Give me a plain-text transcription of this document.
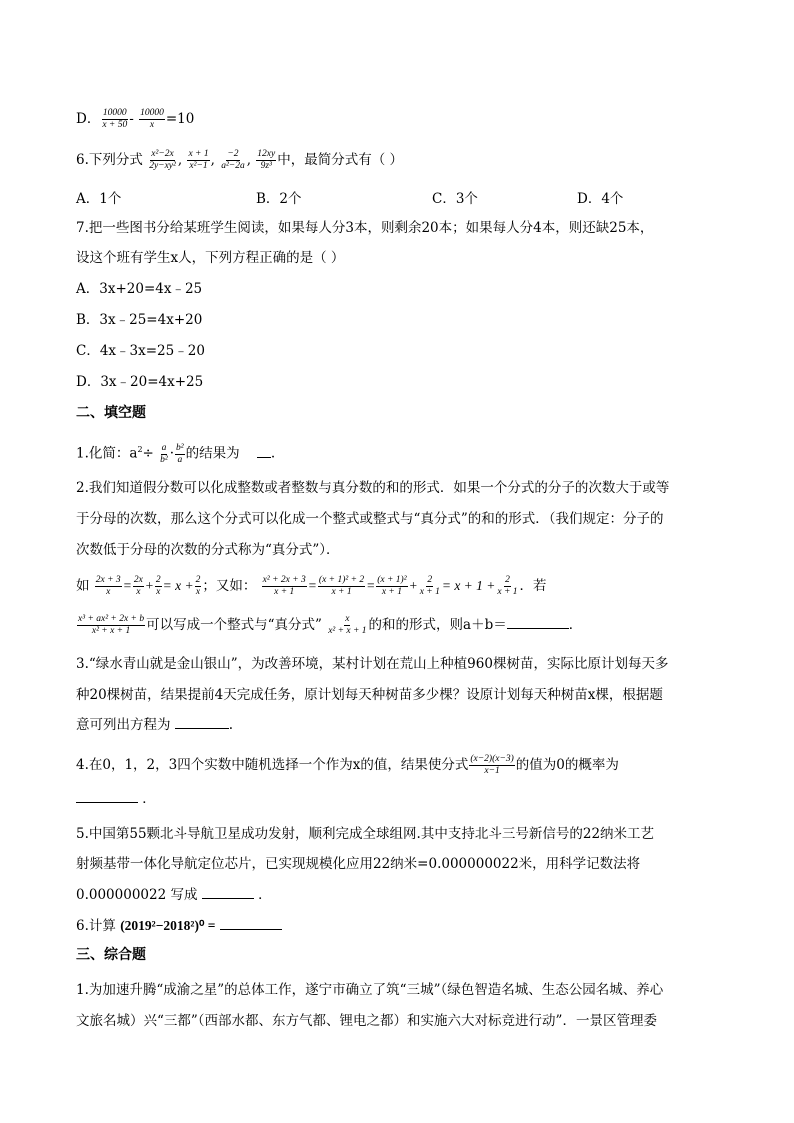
D． $\frac{10000}{x + 50} - \frac{10000}{x} =10$
6.下列分式 $\frac{\text{x²−2x}}{\text{2y−xy²}}$ , $\frac{x + 1}{\text{x²−1}}$ , $\frac{-2}{\text{a²−2a}}$ , $\frac{12xy}{\text{9z³}}$ 中，最简分式有（ ）
A．1个	B．2个	C．3个	D．4个
7.把一些图书分给某班学生阅读，如果每人分3本，则剩余20本；如果每人分4本，则还缺25本，
设这个班有学生x人，下列方程正确的是（ ）
A．3x+20=4x﹣25
B．3x﹣25=4x+20
C．4x﹣3x=25﹣20
D．3x﹣20=4x+25
二、填空题
1.化简：$a^2\div \frac{a}{\text{b²}} \cdot \frac{\text{b²}}{a}$ 的结果为 .
2.我们知道假分数可以化成整数或者整数与真分数的和的形式．如果一个分式的分子的次数大于或等
于分母的次数，那么这个分式可以化成一个整式或整式与“真分式”的和的形式．（我们规定：分子的
次数低于分母的次数的分式称为“真分式”）．
如 $\frac{2x + 3}{x} = \frac{2x}{x} + \frac{2}{x} = x + \frac{2}{x}$ ；又如： $\frac{\text{x² + 2x + 3}}{x + 1} = \frac{\text{(x + 1)² + 2}}{x + 1} = \frac{\text{(x + 1)²}}{x + 1} + \frac{2}{x + 1} = x + 1 + \frac{2}{x + 1}$ ．若
$\frac{\text{x³ + ax² + 2x + b}}{\text{x² + x + 1}}$ 可以写成一个整式与“真分式” $\frac{x}{\text{x² + x + 1}}$ 的和的形式，则a＋b＝	．
3.“绿水青山就是金山银山”，为改善环境，某村计划在荒山上种植960棵树苗，实际比原计划每天多
种20棵树苗，结果提前4天完成任务，原计划每天种树苗多少棵？设原计划每天种树苗x棵，根据题
意可列出方程为	.
4.在0，1，2，3四个实数中随机选择一个作为x的值，结果使分式 $\frac{(x-2)(x-3)}{x-1}$ 的值为0的概率为
．
5.中国第55颗北斗导航卫星成功发射，顺利完成全球组网.其中支持北斗三号新信号的22纳米工艺
射频基带一体化导航定位芯片，已实现规模化应用22纳米=0.000000022米，用科学记数法将
0.000000022 写成	．
6.计算 (2019²−2018²)⁰ =
三、综合题
1.为加速升腾“成渝之星”的总体工作，遂宁市确立了筑“三城”（绿色智造名城、生态公园名城、养心
文旅名城）兴“三都”（西部水都、东方气都、锂电之都）和实施六大对标竞进行动”．一景区管理委
